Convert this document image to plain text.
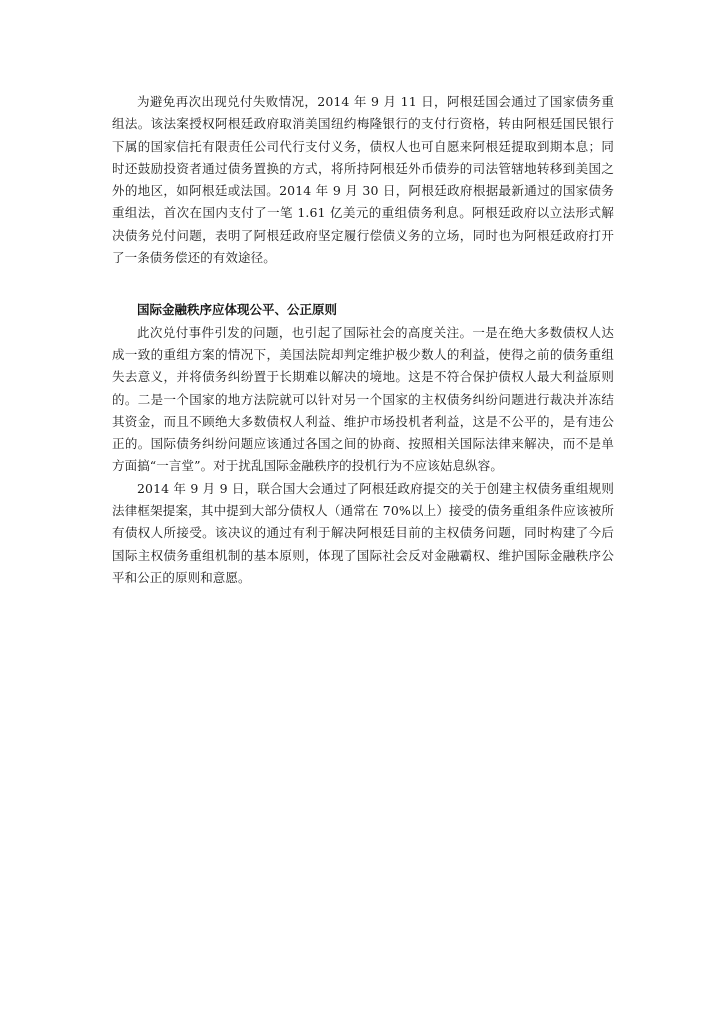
为避免再次出现兑付失败情况，2014 年 9 月 11 日，阿根廷国会通过了国家债务重组法。该法案授权阿根廷政府取消美国纽约梅隆银行的支付行资格，转由阿根廷国民银行下属的国家信托有限责任公司代行支付义务，债权人也可自愿来阿根廷提取到期本息；同时还鼓励投资者通过债务置换的方式，将所持阿根廷外币债券的司法管辖地转移到美国之外的地区，如阿根廷或法国。2014 年 9 月 30 日，阿根廷政府根据最新通过的国家债务重组法，首次在国内支付了一笔 1.61 亿美元的重组债务利息。阿根廷政府以立法形式解决债务兑付问题，表明了阿根廷政府坚定履行偿债义务的立场，同时也为阿根廷政府打开了一条债务偿还的有效途径。

国际金融秩序应体现公平、公正原则

此次兑付事件引发的问题，也引起了国际社会的高度关注。一是在绝大多数债权人达成一致的重组方案的情况下，美国法院却判定维护极少数人的利益，使得之前的债务重组失去意义，并将债务纠纷置于长期难以解决的境地。这是不符合保护债权人最大利益原则的。二是一个国家的地方法院就可以针对另一个国家的主权债务纠纷问题进行裁决并冻结其资金，而且不顾绝大多数债权人利益、维护市场投机者利益，这是不公平的，是有违公正的。国际债务纠纷问题应该通过各国之间的协商、按照相关国际法律来解决，而不是单方面搞“一言堂”。对于扰乱国际金融秩序的投机行为不应该姑息纵容。

2014 年 9 月 9 日，联合国大会通过了阿根廷政府提交的关于创建主权债务重组规则法律框架提案，其中提到大部分债权人（通常在 70%以上）接受的债务重组条件应该被所有债权人所接受。该决议的通过有利于解决阿根廷目前的主权债务问题，同时构建了今后国际主权债务重组机制的基本原则，体现了国际社会反对金融霸权、维护国际金融秩序公平和公正的原则和意愿。
